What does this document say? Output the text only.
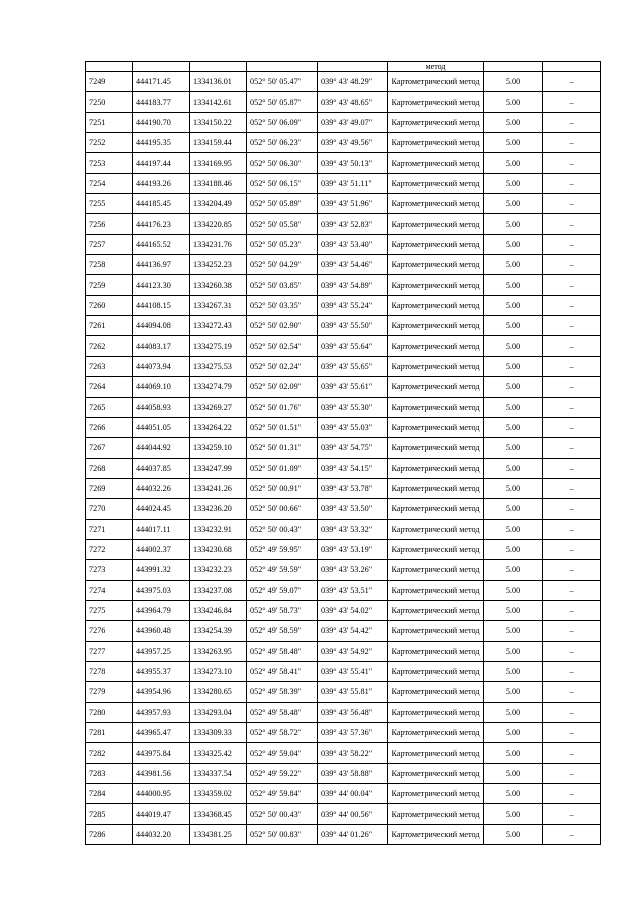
					метод		
7249	444171.45	1334136.01	052° 50' 05.47"	039° 43' 48.29"	Картометрический метод	5.00	–
7250	444183.77	1334142.61	052° 50' 05.87"	039° 43' 48.65"	Картометрический метод	5.00	–
7251	444190.70	1334150.22	052° 50' 06.09"	039° 43' 49.07"	Картометрический метод	5.00	–
7252	444195.35	1334159.44	052° 50' 06.23"	039° 43' 49.56"	Картометрический метод	5.00	–
7253	444197.44	1334169.95	052° 50' 06.30"	039° 43' 50.13"	Картометрический метод	5.00	–
7254	444193.26	1334188.46	052° 50' 06.15"	039° 43' 51.11"	Картометрический метод	5.00	–
7255	444185.45	1334204.49	052° 50' 05.89"	039° 43' 51.96"	Картометрический метод	5.00	–
7256	444176.23	1334220.85	052° 50' 05.58"	039° 43' 52.83"	Картометрический метод	5.00	–
7257	444165.52	1334231.76	052° 50' 05.23"	039° 43' 53.40"	Картометрический метод	5.00	–
7258	444136.97	1334252.23	052° 50' 04.29"	039° 43' 54.46"	Картометрический метод	5.00	–
7259	444123.30	1334260.38	052° 50' 03.85"	039° 43' 54.89"	Картометрический метод	5.00	–
7260	444108.15	1334267.31	052° 50' 03.35"	039° 43' 55.24"	Картометрический метод	5.00	–
7261	444094.08	1334272.43	052° 50' 02.90"	039° 43' 55.50"	Картометрический метод	5.00	–
7262	444083.17	1334275.19	052° 50' 02.54"	039° 43' 55.64"	Картометрический метод	5.00	–
7263	444073.94	1334275.53	052° 50' 02.24"	039° 43' 55.65"	Картометрический метод	5.00	–
7264	444069.10	1334274.79	052° 50' 02.09"	039° 43' 55.61"	Картометрический метод	5.00	–
7265	444058.93	1334269.27	052° 50' 01.76"	039° 43' 55.30"	Картометрический метод	5.00	–
7266	444051.05	1334264.22	052° 50' 01.51"	039° 43' 55.03"	Картометрический метод	5.00	–
7267	444044.92	1334259.10	052° 50' 01.31"	039° 43' 54.75"	Картометрический метод	5.00	–
7268	444037.85	1334247.99	052° 50' 01.09"	039° 43' 54.15"	Картометрический метод	5.00	–
7269	444032.26	1334241.26	052° 50' 00.91"	039° 43' 53.78"	Картометрический метод	5.00	–
7270	444024.45	1334236.20	052° 50' 00.66"	039° 43' 53.50"	Картометрический метод	5.00	–
7271	444017.11	1334232.91	052° 50' 00.43"	039° 43' 53.32"	Картометрический метод	5.00	–
7272	444002.37	1334230.68	052° 49' 59.95"	039° 43' 53.19"	Картометрический метод	5.00	–
7273	443991.32	1334232.23	052° 49' 59.59"	039° 43' 53.26"	Картометрический метод	5.00	–
7274	443975.03	1334237.08	052° 49' 59.07"	039° 43' 53.51"	Картометрический метод	5.00	–
7275	443964.79	1334246.84	052° 49' 58.73"	039° 43' 54.02"	Картометрический метод	5.00	–
7276	443960.48	1334254.39	052° 49' 58.59"	039° 43' 54.42"	Картометрический метод	5.00	–
7277	443957.25	1334263.95	052° 49' 58.48"	039° 43' 54.92"	Картометрический метод	5.00	–
7278	443955.37	1334273.10	052° 49' 58.41"	039° 43' 55.41"	Картометрический метод	5.00	–
7279	443954.96	1334280.65	052° 49' 58.39"	039° 43' 55.81"	Картометрический метод	5.00	–
7280	443957.93	1334293.04	052° 49' 58.48"	039° 43' 56.48"	Картометрический метод	5.00	–
7281	443965.47	1334309.33	052° 49' 58.72"	039° 43' 57.36"	Картометрический метод	5.00	–
7282	443975.84	1334325.42	052° 49' 59.04"	039° 43' 58.22"	Картометрический метод	5.00	–
7283	443981.56	1334337.54	052° 49' 59.22"	039° 43' 58.88"	Картометрический метод	5.00	–
7284	444000.95	1334359.02	052° 49' 59.84"	039° 44' 00.04"	Картометрический метод	5.00	–
7285	444019.47	1334368.45	052° 50' 00.43"	039° 44' 00.56"	Картометрический метод	5.00	–
7286	444032.20	1334381.25	052° 50' 00.83"	039° 44' 01.26"	Картометрический метод	5.00	–
